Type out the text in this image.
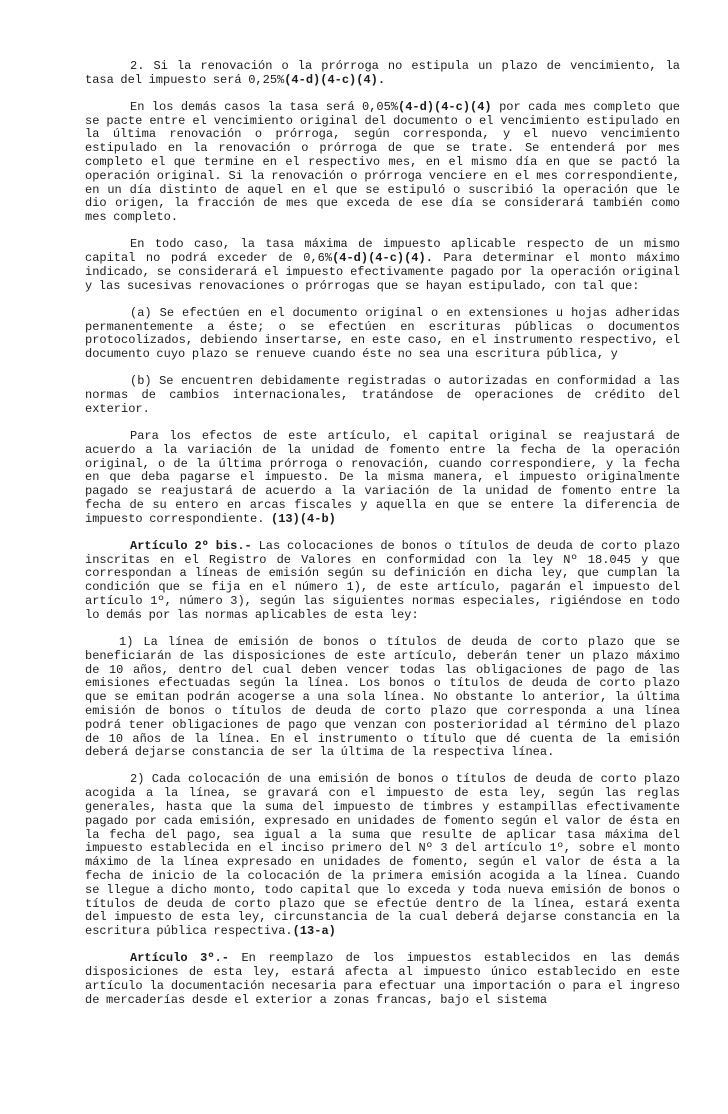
2. Si la renovación o la prórroga no estipula un plazo de vencimiento, la tasa del impuesto será 0,25%(4-d)(4-c)(4).

En los demás casos la tasa será 0,05%(4-d)(4-c)(4) por cada mes completo que se pacte entre el vencimiento original del documento o el vencimiento estipulado en la última renovación o prórroga, según corresponda, y el nuevo vencimiento estipulado en la renovación o prórroga de que se trate. Se entenderá por mes completo el que termine en el respectivo mes, en el mismo día en que se pactó la operación original. Si la renovación o prórroga venciere en el mes correspondiente, en un día distinto de aquel en el que se estipuló o suscribió la operación que le dio origen, la fracción de mes que exceda de ese día se considerará también como mes completo.

En todo caso, la tasa máxima de impuesto aplicable respecto de un mismo capital no podrá exceder de 0,6%(4-d)(4-c)(4). Para determinar el monto máximo indicado, se considerará el impuesto efectivamente pagado por la operación original y las sucesivas renovaciones o prórrogas que se hayan estipulado, con tal que:

(a) Se efectúen en el documento original o en extensiones u hojas adheridas permanentemente a éste; o se efectúen en escrituras públicas o documentos protocolizados, debiendo insertarse, en este caso, en el instrumento respectivo, el documento cuyo plazo se renueve cuando éste no sea una escritura pública, y

(b) Se encuentren debidamente registradas o autorizadas en conformidad a las normas de cambios internacionales, tratándose de operaciones de crédito del exterior.

Para los efectos de este artículo, el capital original se reajustará de acuerdo a la variación de la unidad de fomento entre la fecha de la operación original, o de la última prórroga o renovación, cuando correspondiere, y la fecha en que deba pagarse el impuesto. De la misma manera, el impuesto originalmente pagado se reajustará de acuerdo a la variación de la unidad de fomento entre la fecha de su entero en arcas fiscales y aquella en que se entere la diferencia de impuesto correspondiente. (13)(4-b)

Artículo 2º bis.- Las colocaciones de bonos o títulos de deuda de corto plazo inscritas en el Registro de Valores en conformidad con la ley Nº 18.045 y que correspondan a líneas de emisión según su definición en dicha ley, que cumplan la condición que se fija en el número 1), de este artículo, pagarán el impuesto del artículo 1º, número 3), según las siguientes normas especiales, rigiéndose en todo lo demás por las normas aplicables de esta ley:

1) La línea de emisión de bonos o títulos de deuda de corto plazo que se beneficiarán de las disposiciones de este artículo, deberán tener un plazo máximo de 10 años, dentro del cual deben vencer todas las obligaciones de pago de las emisiones efectuadas según la línea. Los bonos o títulos de deuda de corto plazo que se emitan podrán acogerse a una sola línea. No obstante lo anterior, la última emisión de bonos o títulos de deuda de corto plazo que corresponda a una línea podrá tener obligaciones de pago que venzan con posterioridad al término del plazo de 10 años de la línea. En el instrumento o título que dé cuenta de la emisión deberá dejarse constancia de ser la última de la respectiva línea.

2) Cada colocación de una emisión de bonos o títulos de deuda de corto plazo acogida a la línea, se gravará con el impuesto de esta ley, según las reglas generales, hasta que la suma del impuesto de timbres y estampillas efectivamente pagado por cada emisión, expresado en unidades de fomento según el valor de ésta en la fecha del pago, sea igual a la suma que resulte de aplicar tasa máxima del impuesto establecida en el inciso primero del Nº 3 del artículo 1º, sobre el monto máximo de la línea expresado en unidades de fomento, según el valor de ésta a la fecha de inicio de la colocación de la primera emisión acogida a la línea. Cuando se llegue a dicho monto, todo capital que lo exceda y toda nueva emisión de bonos o títulos de deuda de corto plazo que se efectúe dentro de la línea, estará exenta del impuesto de esta ley, circunstancia de la cual deberá dejarse constancia en la escritura pública respectiva.(13-a)

Artículo 3º.- En reemplazo de los impuestos establecidos en las demás disposiciones de esta ley, estará afecta al impuesto único establecido en este artículo la documentación necesaria para efectuar una importación o para el ingreso de mercaderías desde el exterior a zonas francas, bajo el sistema
